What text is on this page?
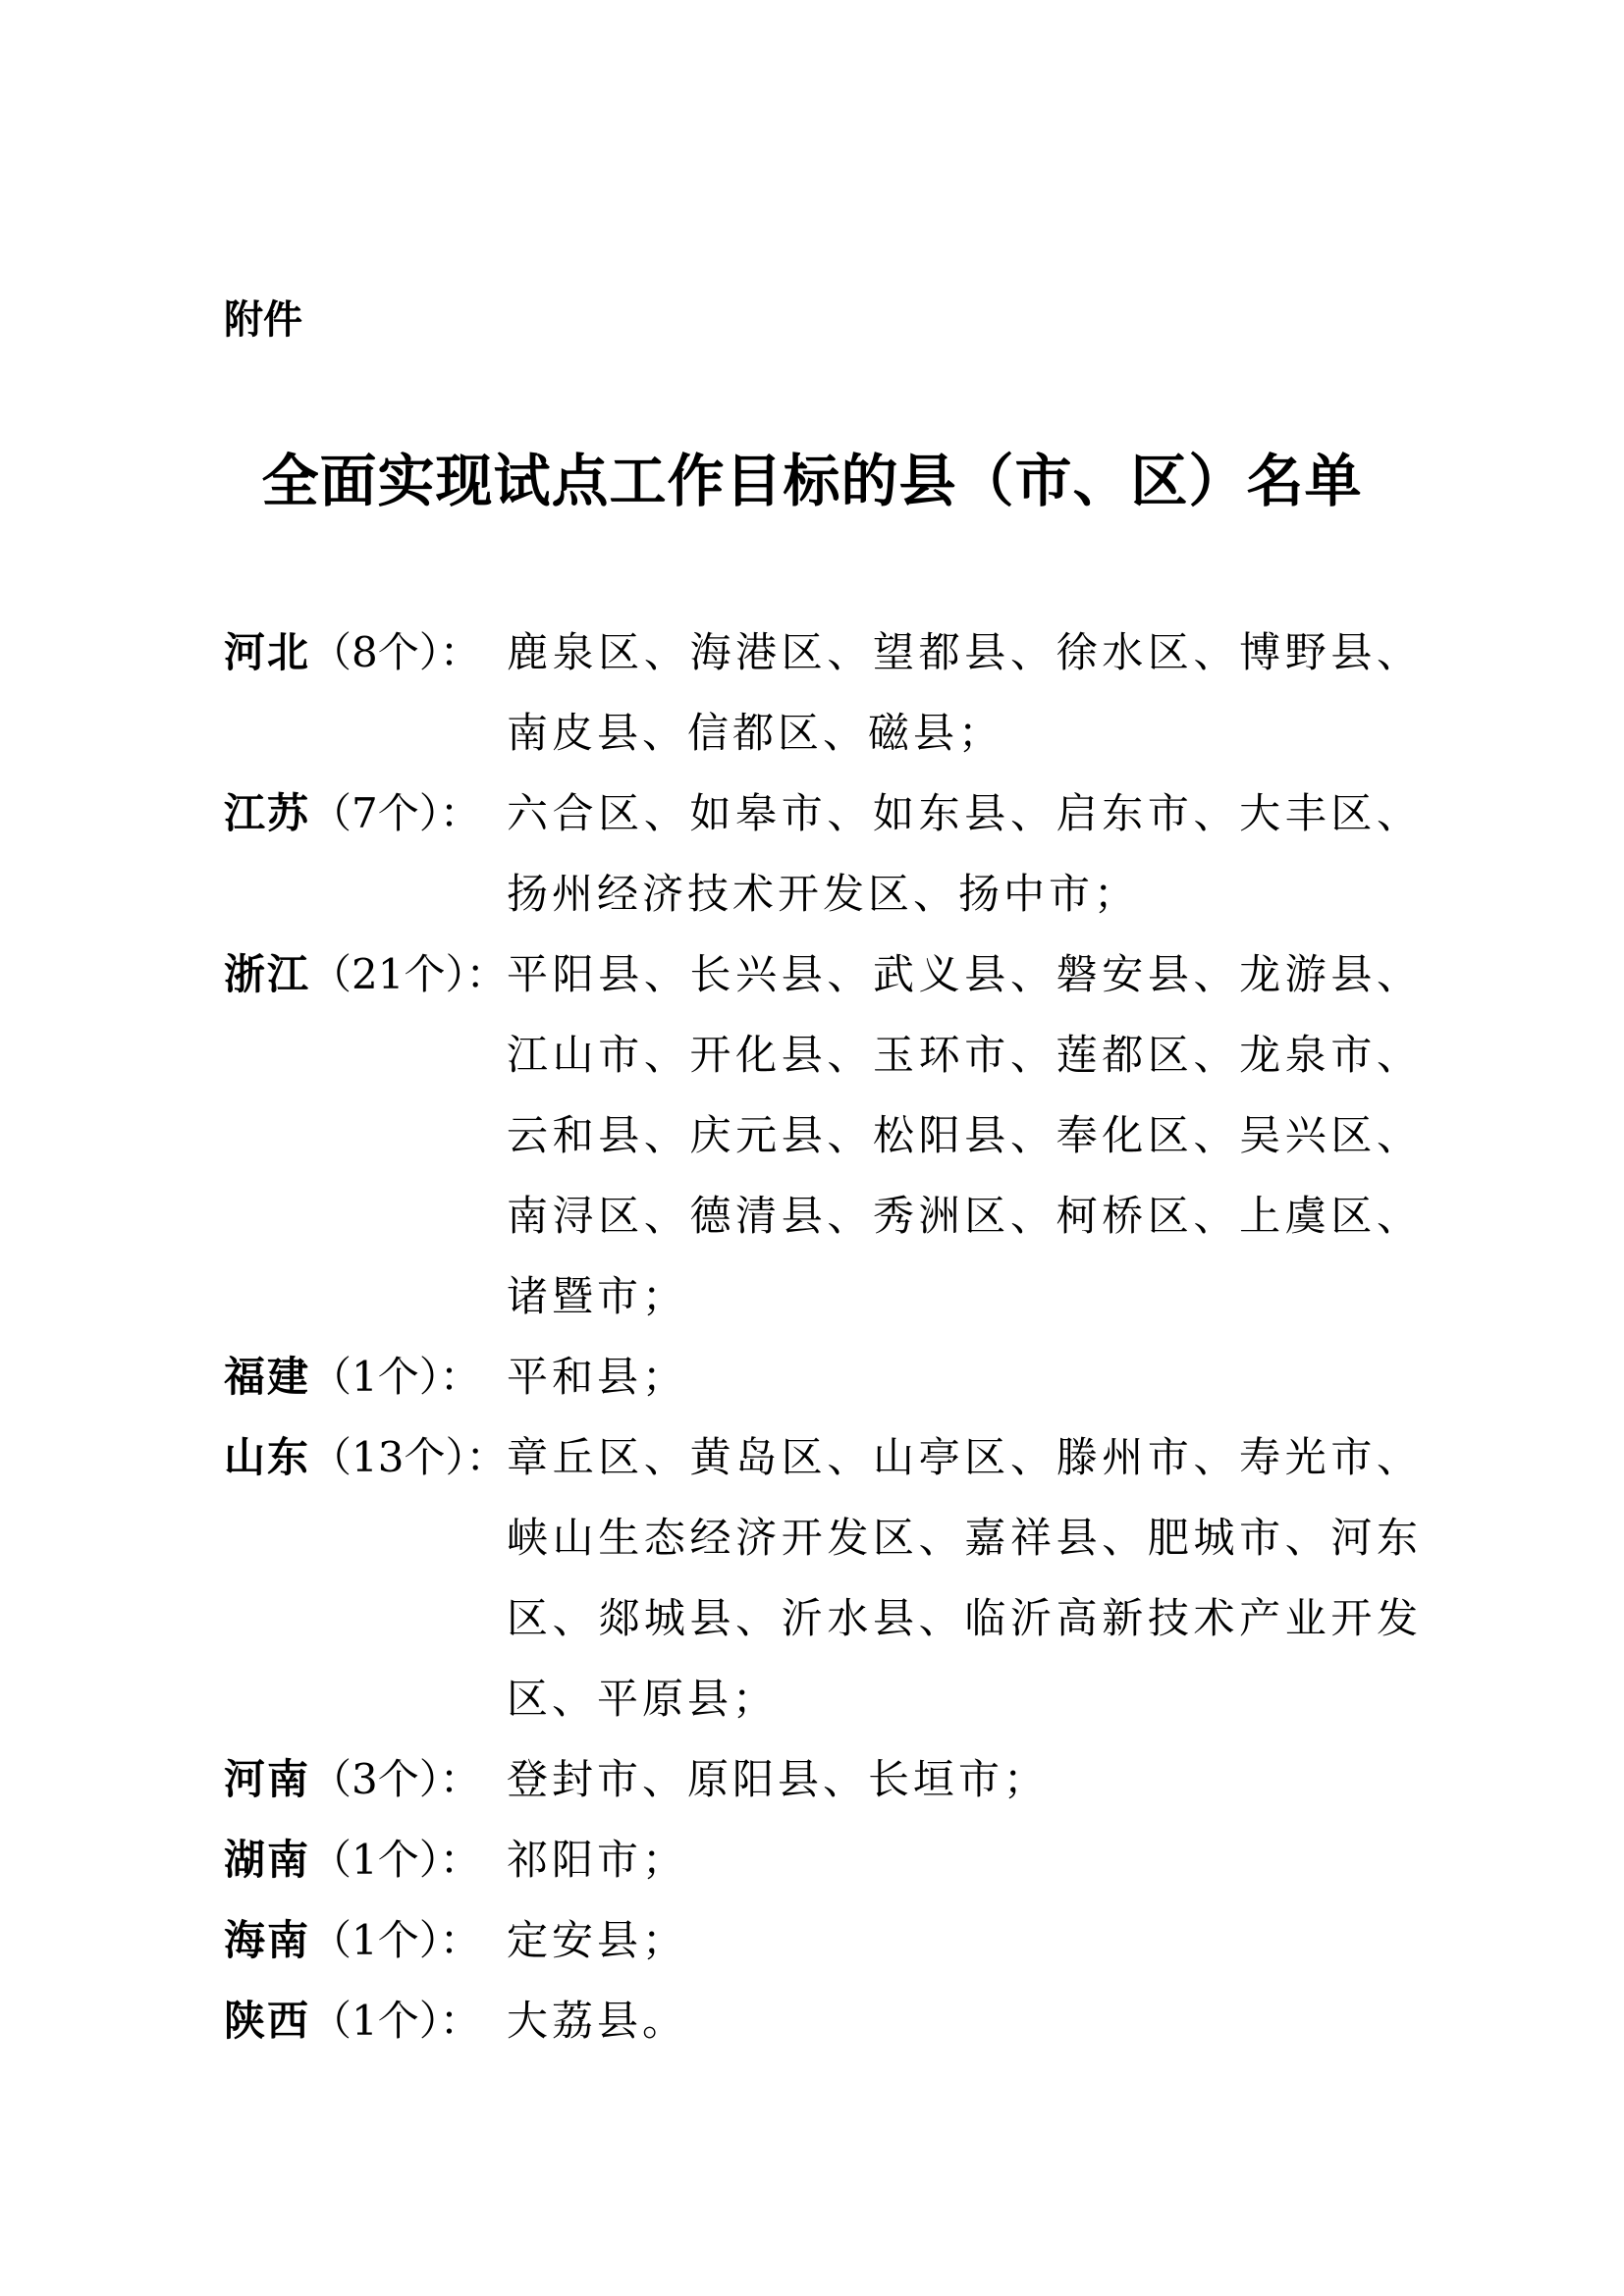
附件

全面实现试点工作目标的县（市、区）名单
河北（8个）： 鹿泉区、海港区、望都县、徐水区、博野县、南皮县、信都区、磁县；

江苏（7个）： 六合区、如皋市、如东县、启东市、大丰区、扬州经济技术开发区、扬中市；

浙江（21个）： 平阳县、长兴县、武义县、磐安县、龙游县、江山市、开化县、玉环市、莲都区、龙泉市、云和县、庆元县、松阳县、奉化区、吴兴区、南浔区、德清县、秀洲区、柯桥区、上虞区、诸暨市；

福建（1个）： 平和县；

山东（13个）： 章丘区、黄岛区、山亭区、滕州市、寿光市、峡山生态经济开发区、嘉祥县、肥城市、河东区、郯城县、沂水县、临沂高新技术产业开发区、平原县；

河南（3个）： 登封市、原阳县、长垣市；

湖南（1个）： 祁阳市；

海南（1个）： 定安县；

陕西（1个）： 大荔县。
